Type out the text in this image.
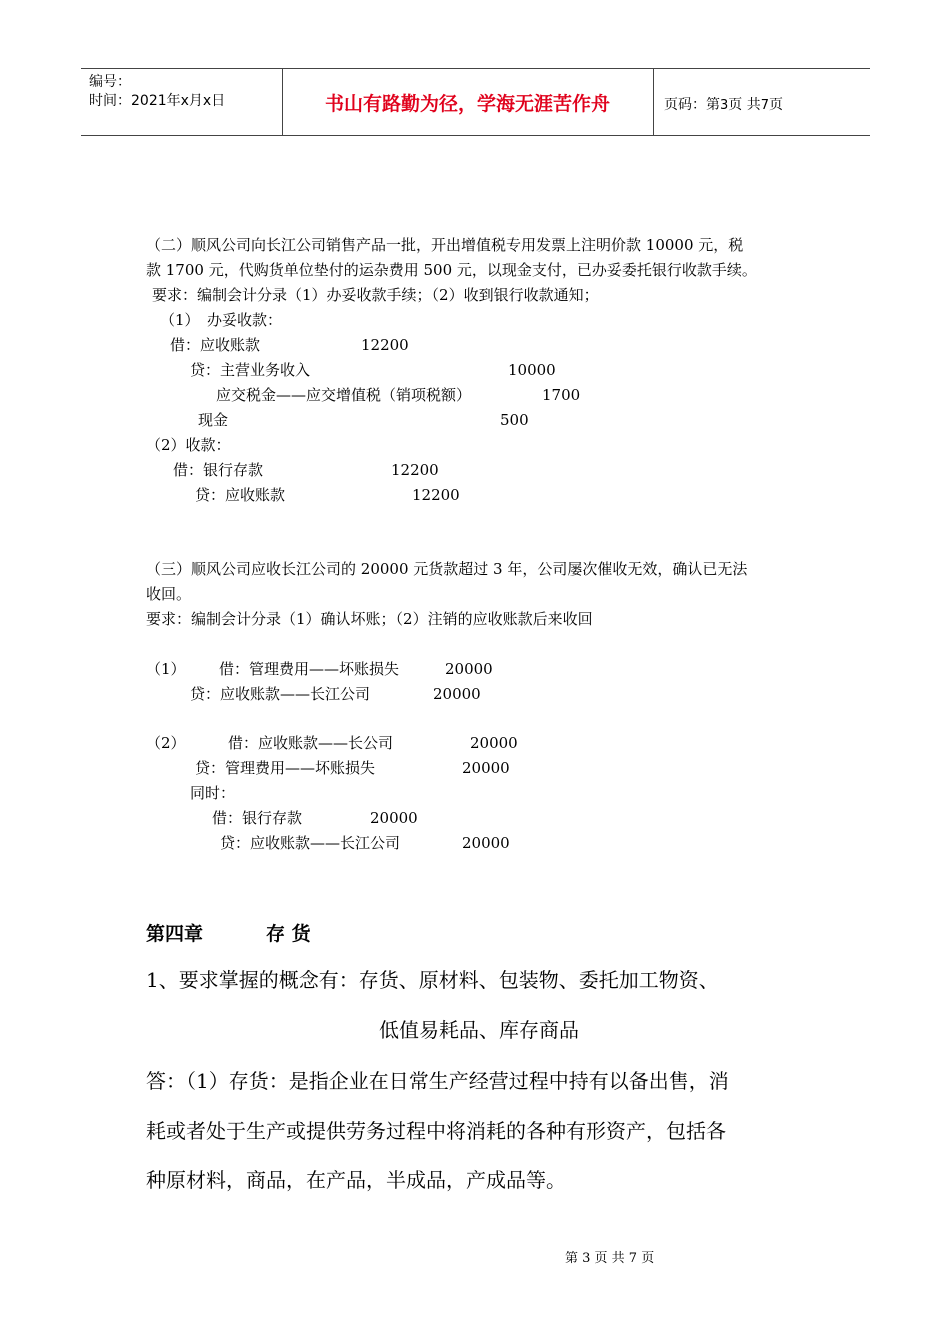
编号：
时间：2021年x月x日	书山有路勤为径，学海无涯苦作舟	页码：第3页 共7页
（二）顺风公司向长江公司销售产品一批，开出增值税专用发票上注明价款 10000 元，税
款 1700 元，代购货单位垫付的运杂费用 500 元，以现金支付，已办妥委托银行收款手续。
要求：编制会计分录（1）办妥收款手续；（2）收到银行收款通知；
（1）　办妥收款：
借：应收账款	12200
贷：主营业务收入	10000
应交税金——应交增值税（销项税额）	1700
现金	500
（2）收款：
借：银行存款	12200
贷：应收账款	12200
（三）顺风公司应收长江公司的 20000 元货款超过 3 年，公司屡次催收无效，确认已无法
收回。
要求：编制会计分录（1）确认坏账；（2）注销的应收账款后来收回
（1） 借：管理费用——坏账损失	20000
贷：应收账款——长江公司	20000
（2）	借：应收账款——长公司	20000
贷：管理费用——坏账损失	20000
同时：
借：银行存款	20000
贷：应收账款——长江公司	20000
第四章	存 货
1、要求掌握的概念有：存货、原材料、包装物、委托加工物资、
低值易耗品、库存商品
答：（1）存货：是指企业在日常生产经营过程中持有以备出售，消
耗或者处于生产或提供劳务过程中将消耗的各种有形资产，包括各
种原材料，商品，在产品，半成品，产成品等。
第 3 页 共 7 页
